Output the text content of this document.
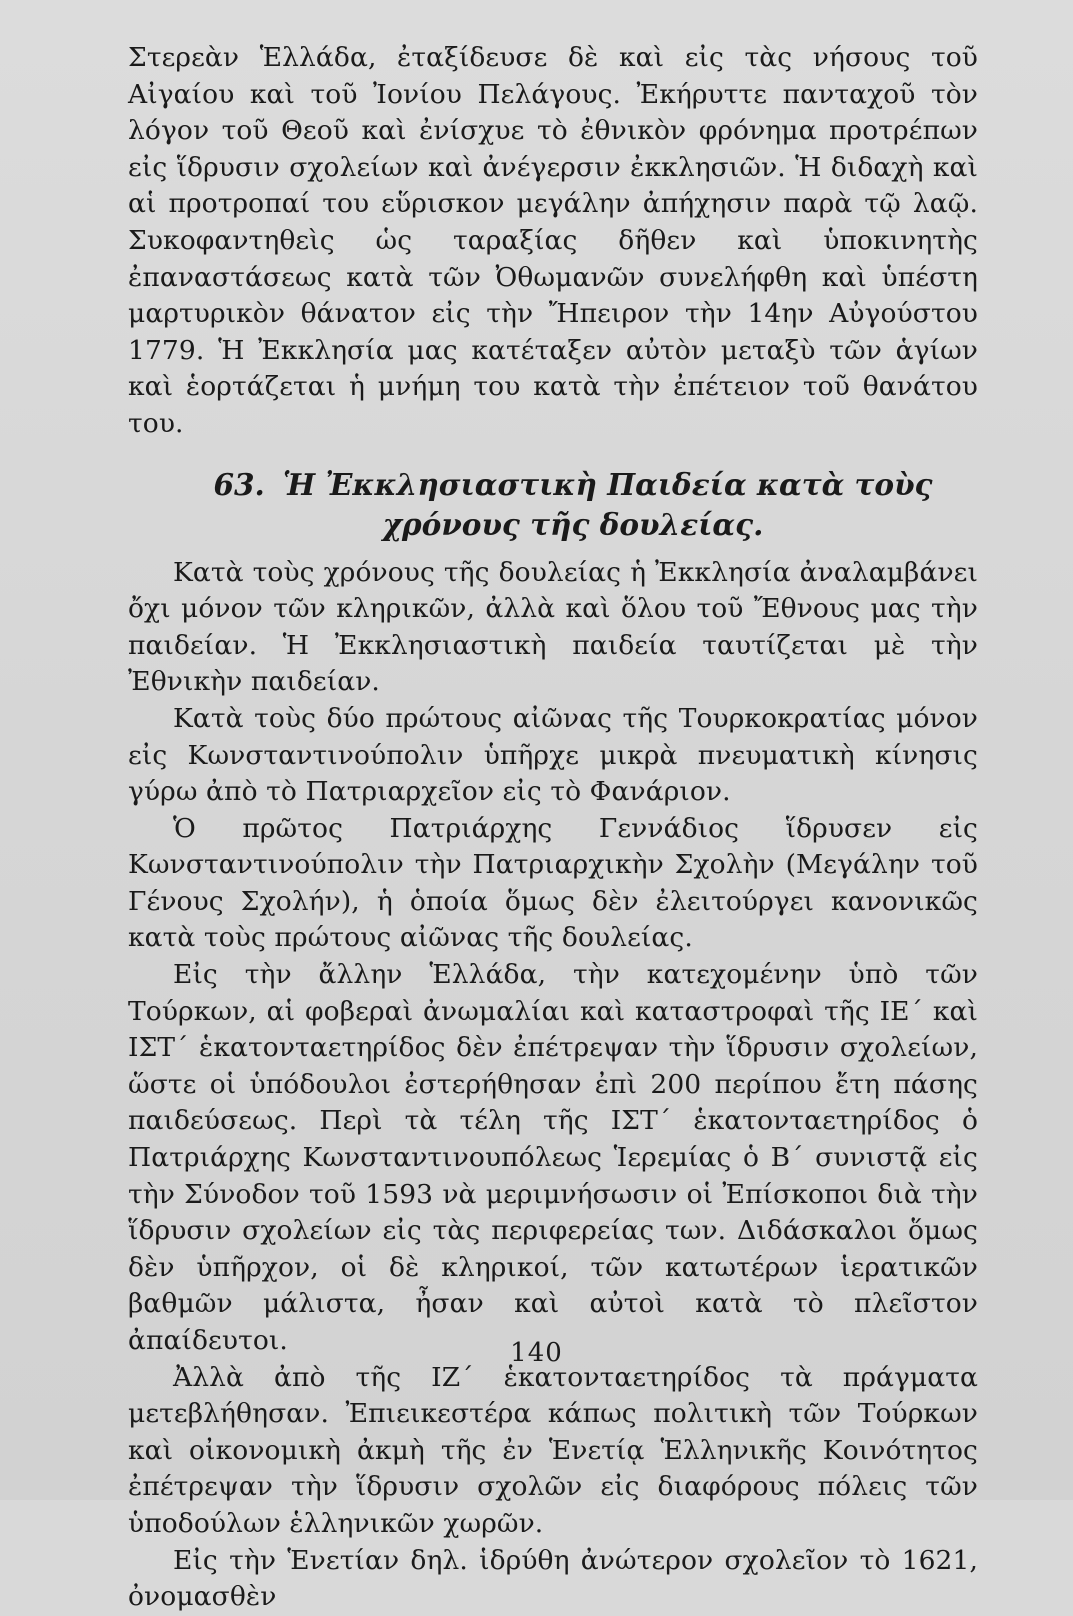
Στερεὰν Ἑλλάδα, ἐταξίδευσε δὲ καὶ εἰς τὰς νήσους τοῦ Αἰγαίου καὶ τοῦ Ἰονίου Πελάγους. Ἐκήρυττε πανταχοῦ τὸν λόγον τοῦ Θεοῦ καὶ ἐνίσχυε τὸ ἐθνικὸν φρόνημα προτρέπων εἰς ἵδρυσιν σχολείων καὶ ἀνέγερσιν ἐκκλησιῶν. Ἡ διδαχὴ καὶ αἱ προτροπαί του εὕρισκον μεγάλην ἀπήχησιν παρὰ τῷ λαῷ. Συκοφαντηθεὶς ὡς ταραξίας δῆθεν καὶ ὑποκινητὴς ἐπαναστάσεως κατὰ τῶν Ὀθωμανῶν συνελήφθη καὶ ὑπέστη μαρτυρικὸν θάνατον εἰς τὴν Ἤπειρον τὴν 14ην Αὐγούστου 1779. Ἡ Ἐκκλησία μας κατέταξεν αὐτὸν μεταξὺ τῶν ἁγίων καὶ ἑορτάζεται ἡ μνήμη του κατὰ τὴν ἐπέτειον τοῦ θανάτου του.

63. Ἡ Ἐκκλησιαστικὴ Παιδεία κατὰ τοὺς
χρόνους τῆς δουλείας.

Κατὰ τοὺς χρόνους τῆς δουλείας ἡ Ἐκκλησία ἀναλαμβάνει ὄχι μόνον τῶν κληρικῶν, ἀλλὰ καὶ ὅλου τοῦ Ἔθνους μας τὴν παιδείαν. Ἡ Ἐκκλησιαστικὴ παιδεία ταυτίζεται μὲ τὴν Ἐθνικὴν παιδείαν.

Κατὰ τοὺς δύο πρώτους αἰῶνας τῆς Τουρκοκρατίας μόνον εἰς Κωνσταντινούπολιν ὑπῆρχε μικρὰ πνευματικὴ κίνησις γύρω ἀπὸ τὸ Πατριαρχεῖον εἰς τὸ Φανάριον.

Ὁ πρῶτος Πατριάρχης Γεννάδιος ἵδρυσεν εἰς Κωνσταντινούπολιν τὴν Πατριαρχικὴν Σχολὴν (Μεγάλην τοῦ Γένους Σχολήν), ἡ ὁποία ὅμως δὲν ἐλειτούργει κανονικῶς κατὰ τοὺς πρώτους αἰῶνας τῆς δουλείας.

Εἰς τὴν ἄλλην Ἑλλάδα, τὴν κατεχομένην ὑπὸ τῶν Τούρκων, αἱ φοβεραὶ ἀνωμαλίαι καὶ καταστροφαὶ τῆς ΙΕ΄ καὶ ΙΣΤ΄ ἑκατονταετηρίδος δὲν ἐπέτρεψαν τὴν ἵδρυσιν σχολείων, ὥστε οἱ ὑπόδουλοι ἐστερήθησαν ἐπὶ 200 περίπου ἔτη πάσης παιδεύσεως. Περὶ τὰ τέλη τῆς ΙΣΤ΄ ἑκατονταετηρίδος ὁ Πατριάρχης Κωνσταντινουπόλεως Ἱερεμίας ὁ Β΄ συνιστᾷ εἰς τὴν Σύνοδον τοῦ 1593 νὰ μεριμνήσωσιν οἱ Ἐπίσκοποι διὰ τὴν ἵδρυσιν σχολείων εἰς τὰς περιφερείας των. Διδάσκαλοι ὅμως δὲν ὑπῆρχον, οἱ δὲ κληρικοί, τῶν κατωτέρων ἱερατικῶν βαθμῶν μάλιστα, ἦσαν καὶ αὐτοὶ κατὰ τὸ πλεῖστον ἀπαίδευτοι.

Ἀλλὰ ἀπὸ τῆς ΙΖ΄ ἑκατονταετηρίδος τὰ πράγματα μετεβλήθησαν. Ἐπιεικεστέρα κάπως πολιτικὴ τῶν Τούρκων καὶ οἰκονομικὴ ἀκμὴ τῆς ἐν Ἑνετίᾳ Ἑλληνικῆς Κοινότητος ἐπέτρεψαν τὴν ἵδρυσιν σχολῶν εἰς διαφόρους πόλεις τῶν ὑποδούλων ἑλληνικῶν χωρῶν.

Εἰς τὴν Ἑνετίαν δηλ. ἱδρύθη ἀνώτερον σχολεῖον τὸ 1621, ὀνομασθὲν

140
